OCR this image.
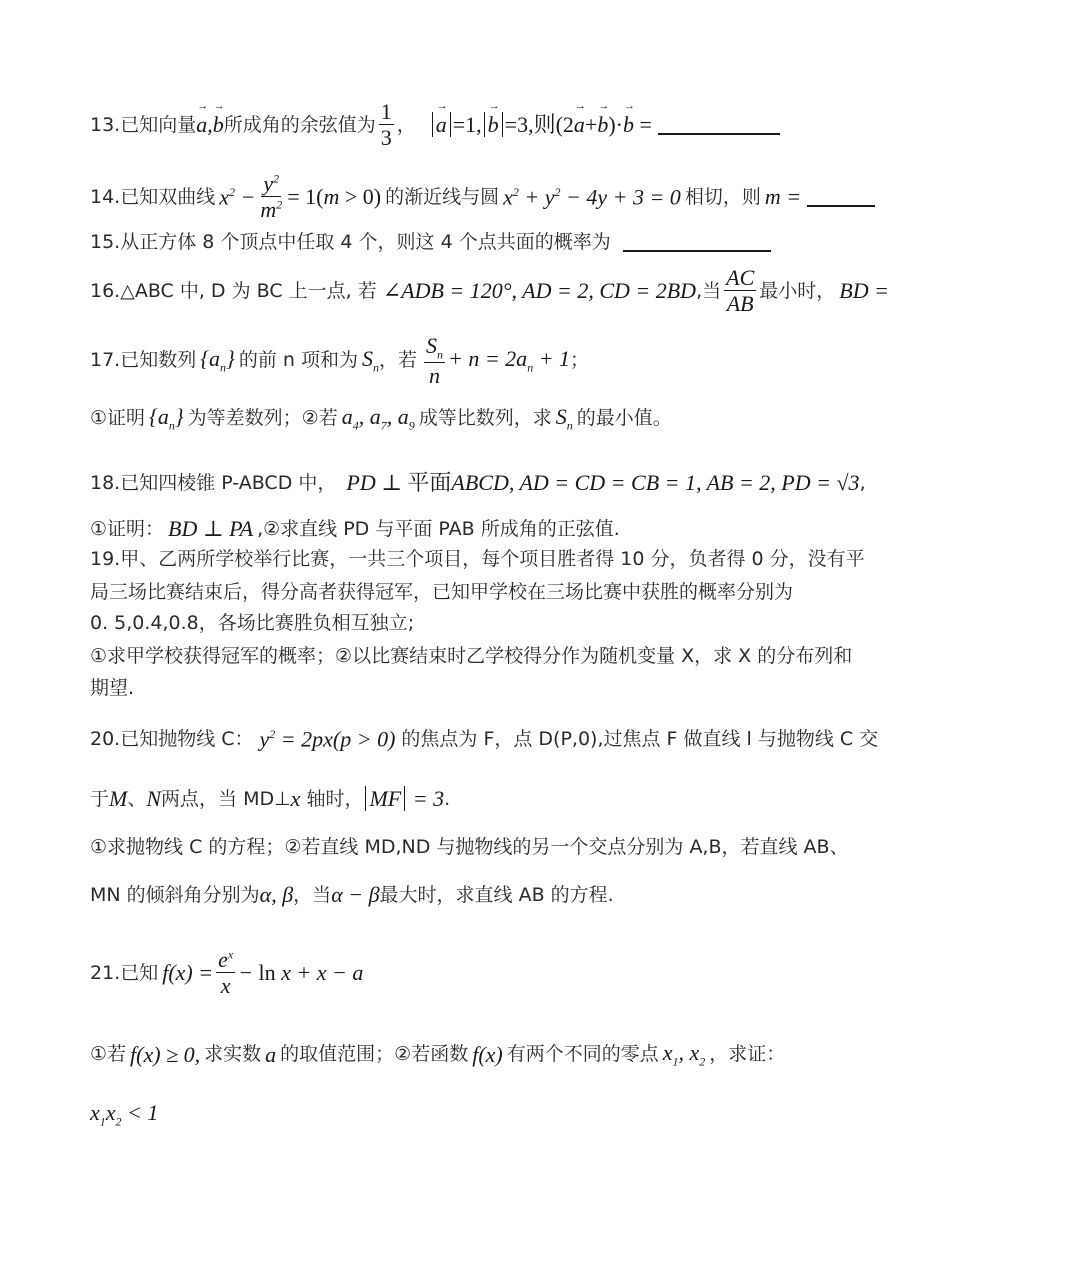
13.已知向量 → a,→ b 所成角的余弦值为 $\frac{1}{3}$ ， → a =1, → b =3,则(2→ a+→ b)·→ b =
14.已知双曲线 $x^2 - \frac{y^2}{m^2} = 1(m > 0)$ 的渐近线与圆 $x^2 + y^2 - 4y + 3 = 0$ 相切，则 m =
15.从正方体 8 个顶点中任取 4 个，则这 4 个点共面的概率为
16.△ABC 中, D 为 BC 上一点, 若 ∠ADB = 120°, AD = 2, CD = 2BD ,当 $\frac{AC}{AB}$ 最小时， BD =
17.已知数列 $\{a_n\}$ 的前 n 项和为 $S_n$ ，若 $\frac{S_n}{n} + n = 2a_n + 1$ ；
①证明 $\{a_n\}$ 为等差数列；②若 $a_4$, $a_7$, $a_9$ 成等比数列，求 $S_n$ 的最小值。
18.已知四棱锥 P-ABCD 中， PD ⊥ 平面ABCD, AD = CD = CB = 1, AB = 2, PD = √3 ,
①证明： BD ⊥ PA ,②求直线 PD 与平面 PAB 所成角的正弦值.
19.甲、乙两所学校举行比赛，一共三个项目，每个项目胜者得 10 分，负者得 0 分，没有平
局三场比赛结束后，得分高者获得冠军，已知甲学校在三场比赛中获胜的概率分别为
0. 5,0.4,0.8，各场比赛胜负相互独立;
①求甲学校获得冠军的概率；②以比赛结束时乙学校得分作为随机变量 X，求 X 的分布列和
期望.
20.已知抛物线 C： $y^2 = 2px(p > 0)$ 的焦点为 F，点 D(P,0),过焦点 F 做直线 l 与抛物线 C 交
于 M 、 N 两点，当 MD⊥ x 轴时， MF = 3 .
①求抛物线 C 的方程；②若直线 MD,ND 与抛物线的另一个交点分别为 A,B，若直线 AB、
MN 的倾斜角分别为 α, β ，当 α − β 最大时，求直线 AB 的方程.
21.已知 $f(x) = \frac{e^x}{x} - \ln x + x - a$
①若 f(x) ≥ 0, 求实数 a 的取值范围；②若函数 f(x) 有两个不同的零点 $x_1$, $x_2$ ，求证：
$x_1x_2 < 1$
